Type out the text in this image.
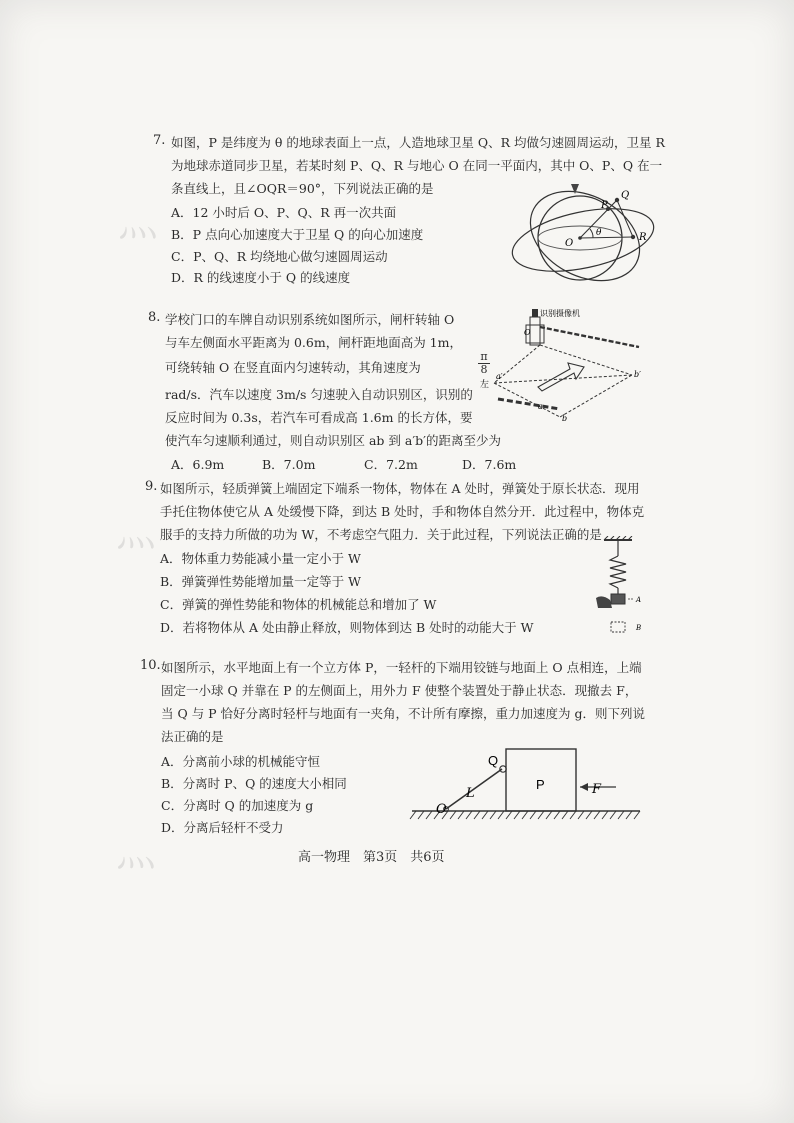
⺣
⺣
⺣
7. 如图，P 是纬度为 θ 的地球表面上一点，人造地球卫星 Q、R 均做匀速圆周运动，卫星 R
为地球赤道同步卫星，若某时刻 P、Q、R 与地心 O 在同一平面内，其中 O、P、Q 在一
条直线上，且∠OQR＝90°，下列说法正确的是
A．12 小时后 O、P、Q、R 再一次共面
B．P 点向心加速度大于卫星 Q 的向心加速度
C．P、Q、R 均绕地心做匀速圆周运动
D．R 的线速度小于 Q 的线速度
O
P
Q
R
θ
8. 学校门口的车牌自动识别系统如图所示，闸杆转轴 O
与车左侧面水平距离为 0.6m，闸杆距地面高为 1m，
可绕转轴 O 在竖直面内匀速转动，其角速度为	$\frac{\pi}{8}$
rad/s．汽车以速度 3m/s 匀速驶入自动识别区，识别的
反应时间为 0.3s，若汽车可看成高 1.6m 的长方体，要
使汽车匀速顺利通过，则自动识别区 ab 到 a′b′的距离至少为
A．6.9m	B．7.0m	C．7.2m	D．7.6m
识别摄像机
O
左
a′	b′
a
b
9. 如图所示，轻质弹簧上端固定下端系一物体，物体在 A 处时，弹簧处于原长状态．现用
手托住物体使它从 A 处缓慢下降，到达 B 处时，手和物体自然分开．此过程中，物体克
服手的支持力所做的功为 W，不考虑空气阻力．关于此过程，下列说法正确的是
A．物体重力势能减小量一定小于 W
B．弹簧弹性势能增加量一定等于 W
C．弹簧的弹性势能和物体的机械能总和增加了 W
D．若将物体从 A 处由静止释放，则物体到达 B 处时的动能大于 W
A
B
10. 如图所示，水平地面上有一个立方体 P，一轻杆的下端用铰链与地面上 O 点相连，上端
固定一小球 Q 并靠在 P 的左侧面上，用外力 F 使整个装置处于静止状态．现撤去 F，
当 Q 与 P 恰好分离时轻杆与地面有一夹角，不计所有摩擦，重力加速度为 g．则下列说
法正确的是
A．分离前小球的机械能守恒
B．分离时 P、Q 的速度大小相同
C．分离时 Q 的加速度为 g
D．分离后轻杆不受力
Q
L
P	F
O
高一物理　第3页　共6页
